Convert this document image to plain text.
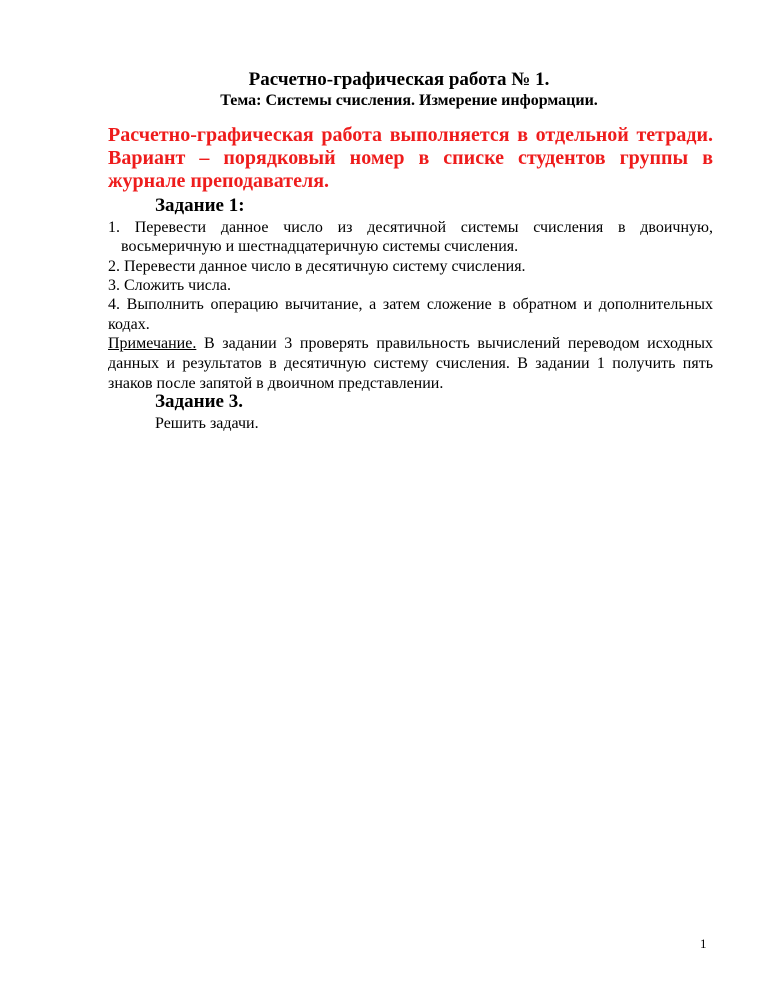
Расчетно-графическая работа № 1.

Тема: Системы счисления. Измерение информации.

Расчетно-графическая работа выполняется в отдельной тетради. Вариант – порядковый номер в списке студентов группы в журнале преподавателя.

Задание 1:

1. Перевести данное число из десятичной системы счисления в двоичную,

восьмеричную и шестнадцатеричную системы счисления.

2. Перевести данное число в десятичную систему счисления.

3. Сложить числа.

4. Выполнить операцию вычитание, а затем сложение в обратном и дополнительных кодах.

Примечание. В задании 3 проверять правильность вычислений переводом исходных данных и результатов в десятичную систему счисления. В задании 1 получить пять знаков после запятой в двоичном представлении.

Задание 3.

Решить задачи.

1
